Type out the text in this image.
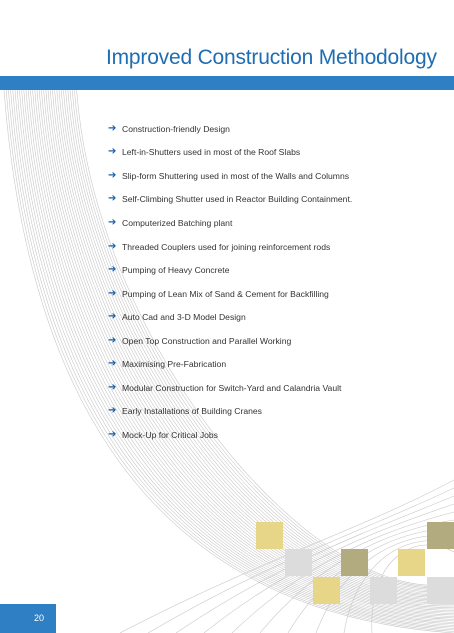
Improved Construction Methodology
➔ Construction-friendly Design
➔ Left-in-Shutters used in most of the Roof Slabs
➔ Slip-form Shuttering used in most of the Walls and Columns
➔ Self-Climbing Shutter used in Reactor Building Containment.
➔ Computerized Batching plant
➔ Threaded Couplers used for joining reinforcement rods
➔ Pumping of Heavy Concrete
➔ Pumping of Lean Mix of Sand & Cement for Backfilling
➔ Auto Cad and 3-D Model Design
➔ Open Top Construction and Parallel Working
➔ Maximising Pre-Fabrication
➔ Modular Construction for Switch-Yard and Calandria Vault
➔ Early Installations of Building Cranes
➔ Mock-Up for Critical Jobs
20
